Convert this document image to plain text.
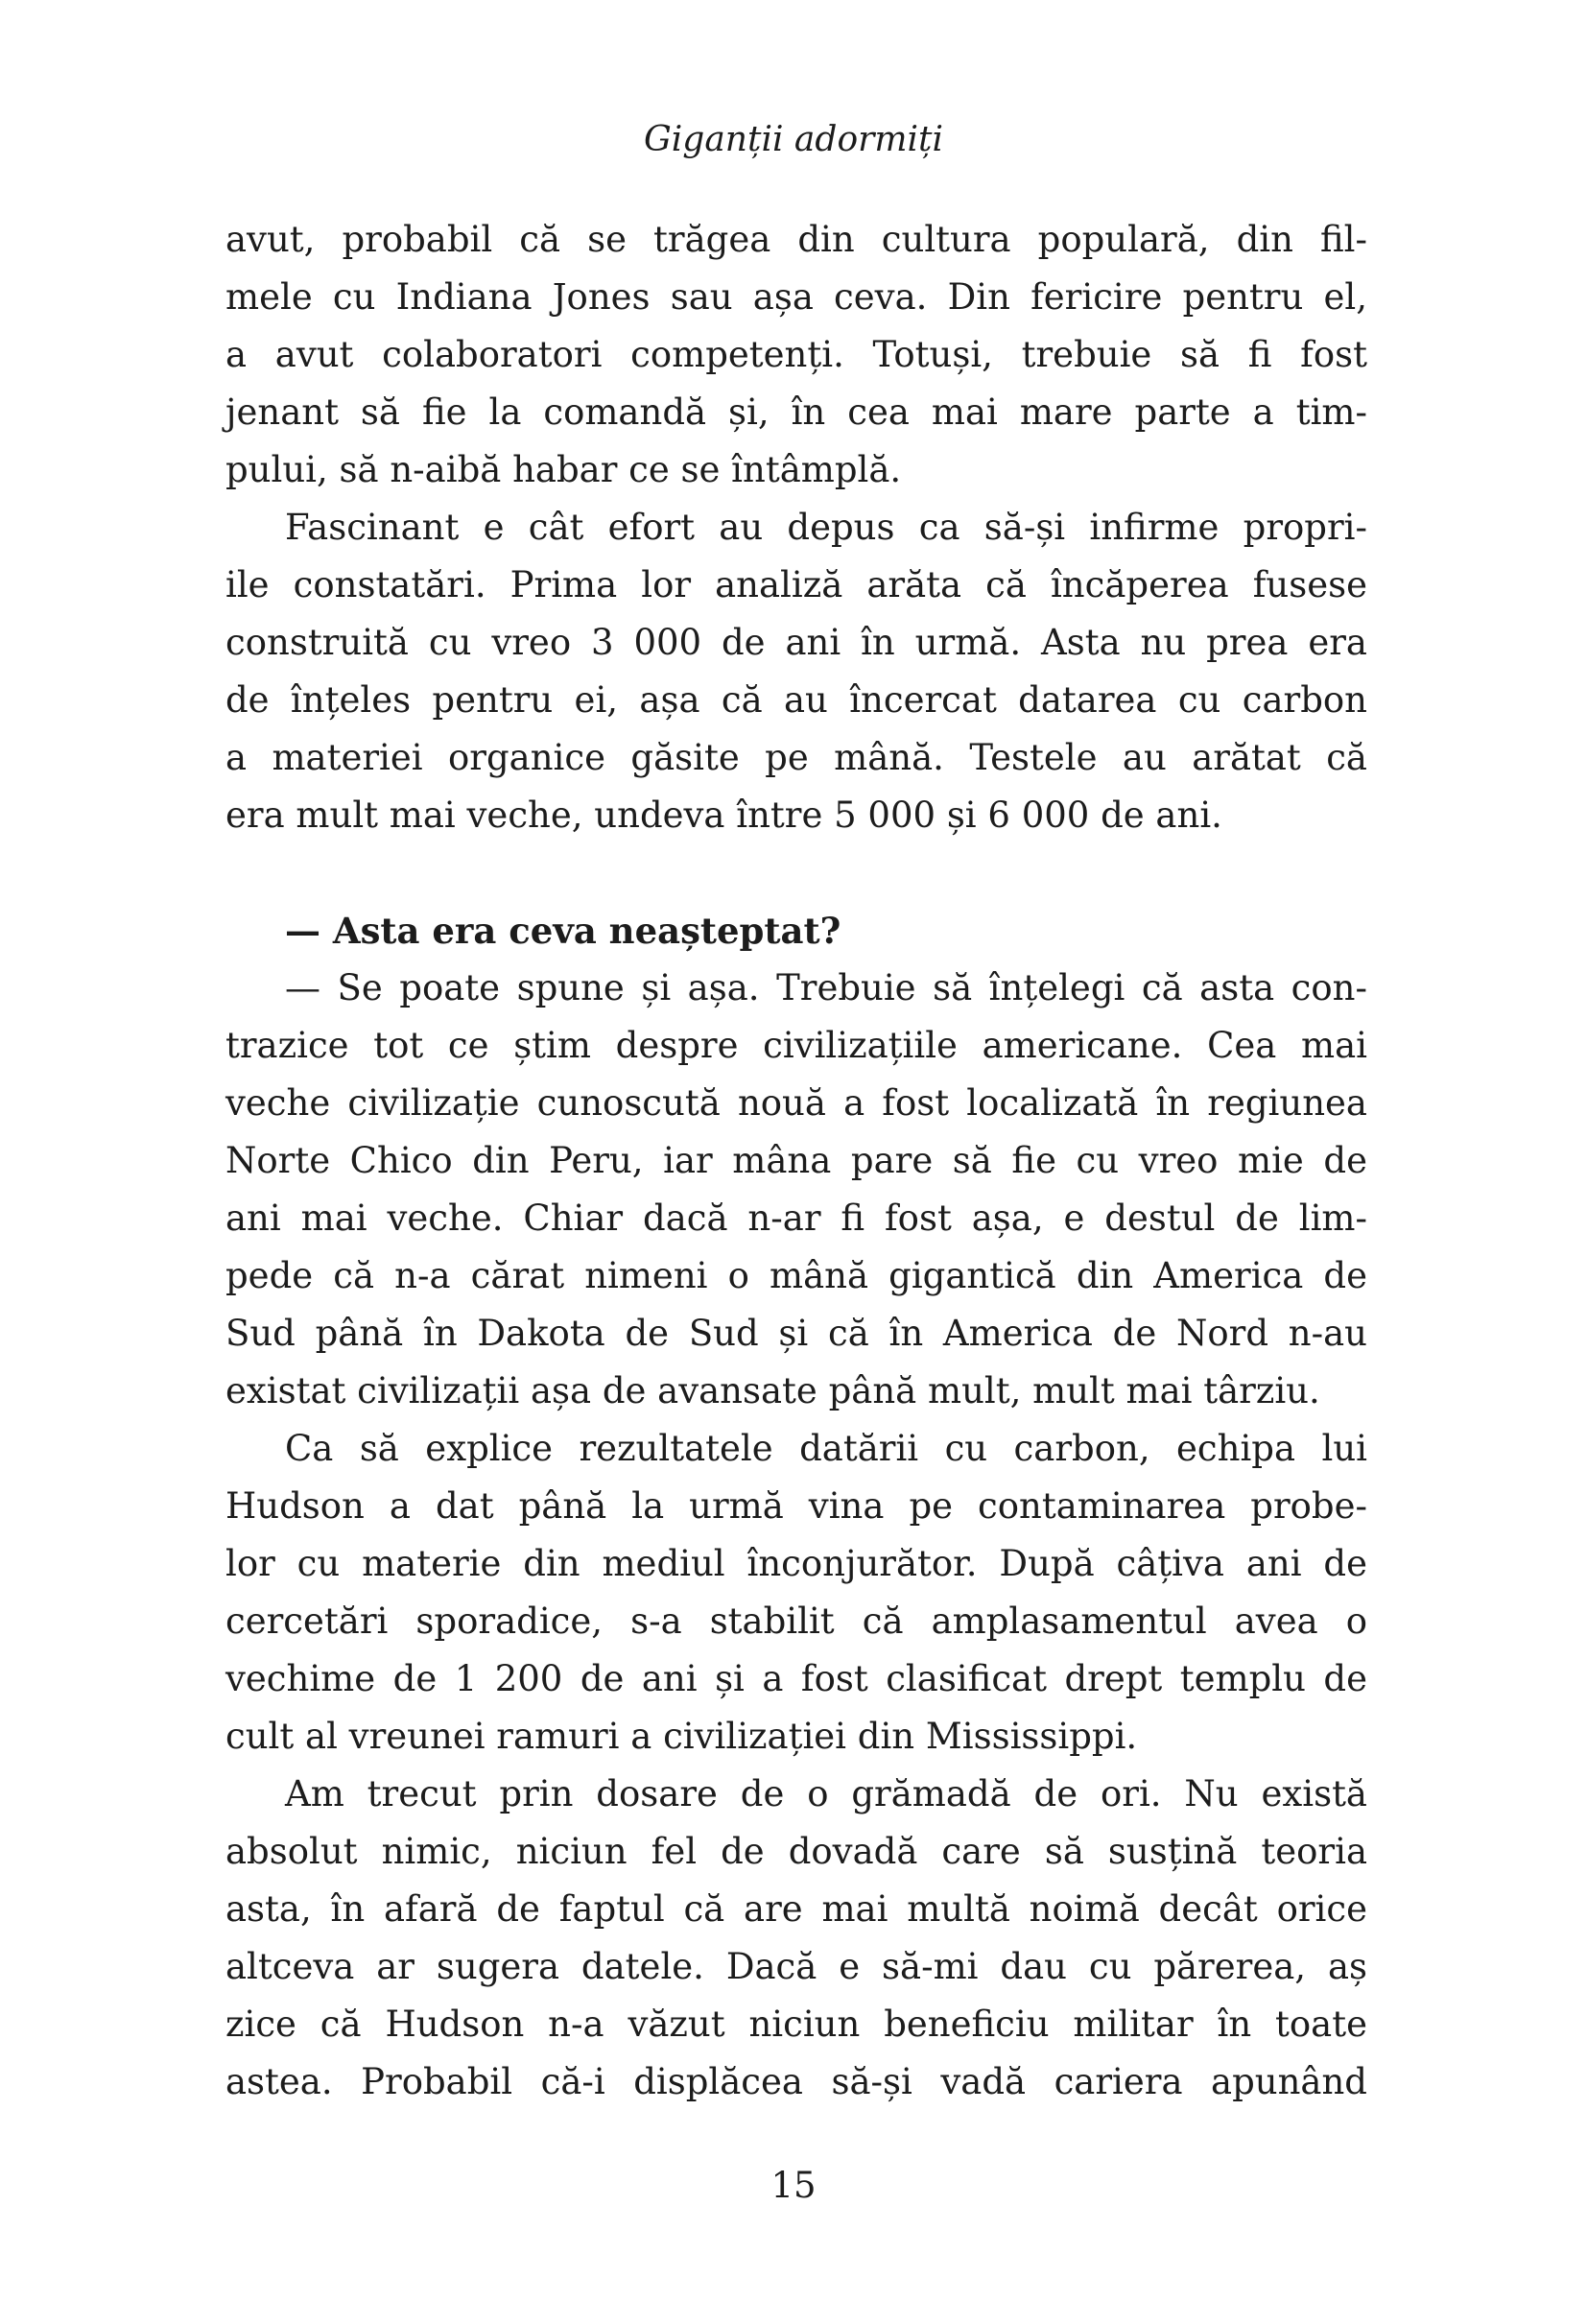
Giganții adormiți
avut, probabil că se trăgea din cultura populară, din fil-
mele cu Indiana Jones sau așa ceva. Din fericire pentru el,
a avut colaboratori competenți. Totuși, trebuie să fi fost
jenant să fie la comandă și, în cea mai mare parte a tim-
pului, să n-aibă habar ce se întâmplă.
Fascinant e cât efort au depus ca să-și infirme propri-
ile constatări. Prima lor analiză arăta că încăperea fusese
construită cu vreo 3 000 de ani în urmă. Asta nu prea era
de înțeles pentru ei, așa că au încercat datarea cu carbon
a materiei organice găsite pe mână. Testele au arătat că
era mult mai veche, undeva între 5 000 și 6 000 de ani.
— Asta era ceva neașteptat?
— Se poate spune și așa. Trebuie să înțelegi că asta con-
trazice tot ce știm despre civilizațiile americane. Cea mai
veche civilizație cunoscută nouă a fost localizată în regiunea
Norte Chico din Peru, iar mâna pare să fie cu vreo mie de
ani mai veche. Chiar dacă n-ar fi fost așa, e destul de lim-
pede că n-a cărat nimeni o mână gigantică din America de
Sud până în Dakota de Sud și că în America de Nord n-au
existat civilizații așa de avansate până mult, mult mai târziu.
Ca să explice rezultatele datării cu carbon, echipa lui
Hudson a dat până la urmă vina pe contaminarea probe-
lor cu materie din mediul înconjurător. După câțiva ani de
cercetări sporadice, s-a stabilit că amplasamentul avea o
vechime de 1 200 de ani și a fost clasificat drept templu de
cult al vreunei ramuri a civilizației din Mississippi.
Am trecut prin dosare de o grămadă de ori. Nu există
absolut nimic, niciun fel de dovadă care să susțină teoria
asta, în afară de faptul că are mai multă noimă decât orice
altceva ar sugera datele. Dacă e să-mi dau cu părerea, aș
zice că Hudson n-a văzut niciun beneficiu militar în toate
astea. Probabil că-i displăcea să-și vadă cariera apunând
15
